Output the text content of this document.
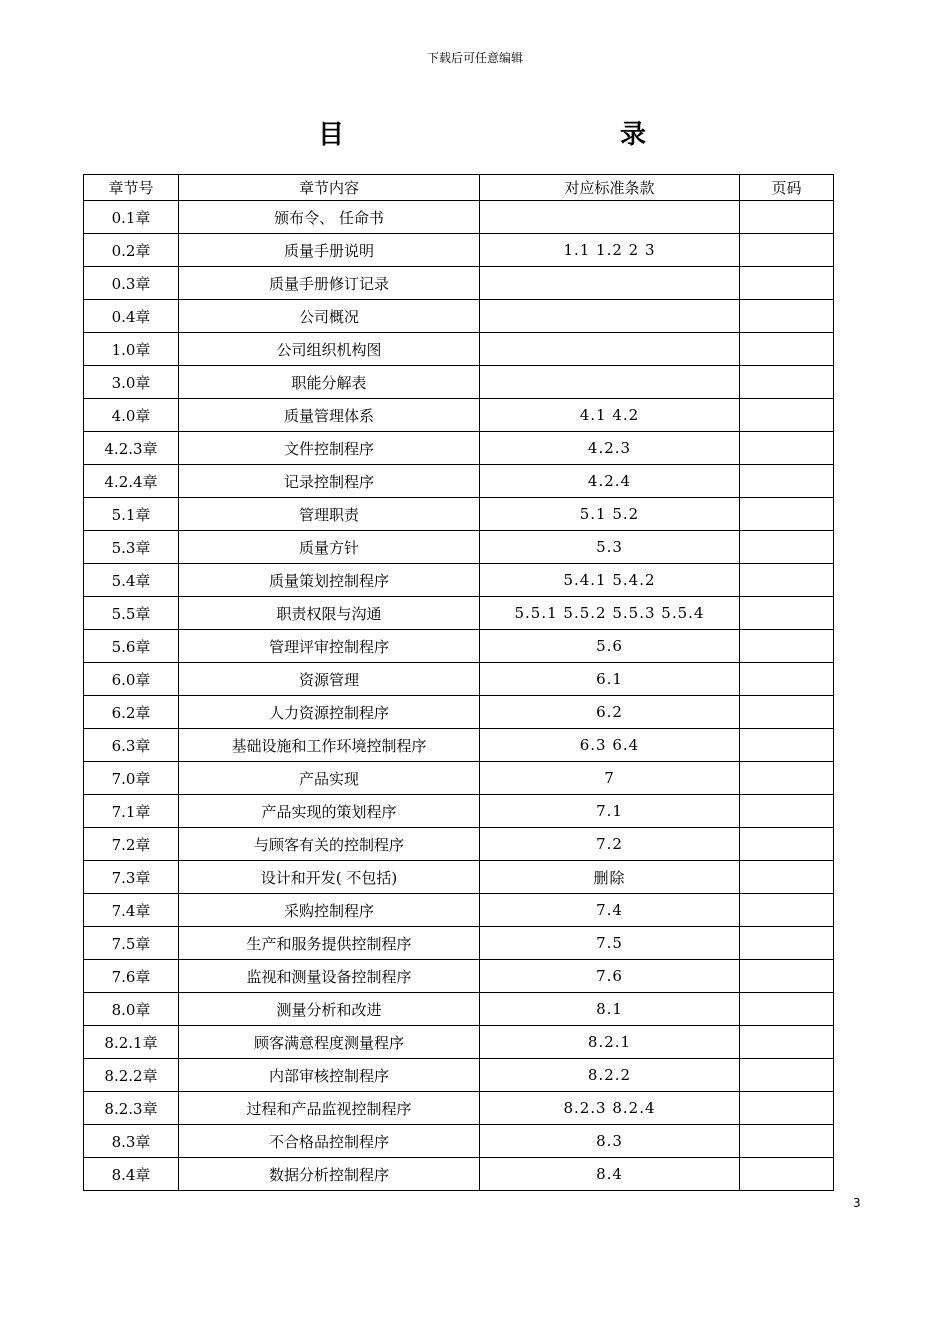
下载后可任意编辑
目	录
章节号	章节内容	对应标准条款	页码
0.1章	颁布令、 任命书		
0.2章	质量手册说明	1.1 1.2 2 3	
0.3章	质量手册修订记录		
0.4章	公司概况		
1.0章	公司组织机构图		
3.0章	职能分解表		
4.0章	质量管理体系	4.1 4.2	
4.2.3章	文件控制程序	4.2.3	
4.2.4章	记录控制程序	4.2.4	
5.1章	管理职责	5.1 5.2	
5.3章	质量方针	5.3	
5.4章	质量策划控制程序	5.4.1 5.4.2	
5.5章	职责权限与沟通	5.5.1 5.5.2 5.5.3 5.5.4	
5.6章	管理评审控制程序	5.6	
6.0章	资源管理	6.1	
6.2章	人力资源控制程序	6.2	
6.3章	基础设施和工作环境控制程序	6.3 6.4	
7.0章	产品实现	7	
7.1章	产品实现的策划程序	7.1	
7.2章	与顾客有关的控制程序	7.2	
7.3章	设计和开发( 不包括)	删除	
7.4章	采购控制程序	7.4	
7.5章	生产和服务提供控制程序	7.5	
7.6章	监视和测量设备控制程序	7.6	
8.0章	测量分析和改进	8.1	
8.2.1章	顾客满意程度测量程序	8.2.1	
8.2.2章	内部审核控制程序	8.2.2	
8.2.3章	过程和产品监视控制程序	8.2.3 8.2.4	
8.3章	不合格品控制程序	8.3	
8.4章	数据分析控制程序	8.4	
3
